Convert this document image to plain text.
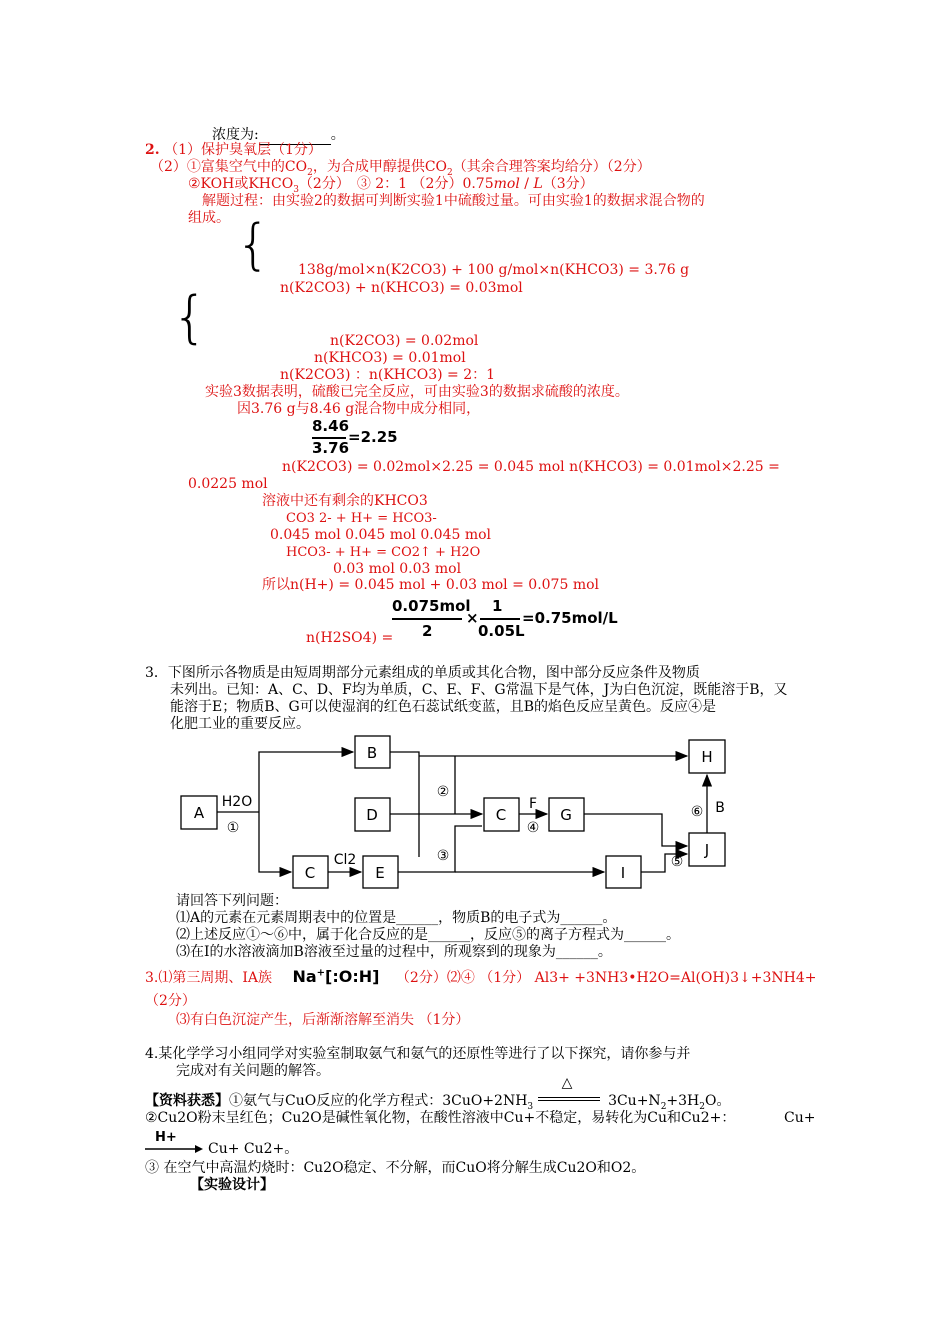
浓度为:	。
2. （1）保护臭氧层（1分）
（2）①富集空气中的$CO_2$，为合成甲醇提供$CO_2$（其余合理答案均给分）（2分）
②KOH或$KHCO_3(2$分）　③ 2：1 （2分）0.75mol / L（3分）
解题过程：由实验2的数据可判断实验1中硫酸过量。可由实验1的数据求混合物的
组成。 { 138g/mol×n(K2CO3) + 100 g/mol×n(KHCO3) = 3.76 g
n(K2CO3) + n(KHCO3) = 0.03mol
{	n(K2CO3) = 0.02mol
n(KHCO3) = 0.01mol
n(K2CO3) ：n(KHCO3) = 2：1
实验3数据表明，硫酸已完全反应，可由实验3的数据求硫酸的浓度。
因3.76 g与8.46 g混合物中成分相同，
8.46
3.76
=2.25
n(K2CO3) = 0.02mol×2.25 = 0.045 mol n(KHCO3) = 0.01mol×2.25 =
0.0225 mol
溶液中还有剩余的KHCO3
CO3 2- + H+ = HCO3-
0.045 mol 0.045 mol 0.045 mol
HCO3- + H+ = CO2↑ + H2O
0.03 mol 0.03 mol
所以n(H+) = 0.045 mol + 0.03 mol = 0.075 mol
n(H2SO4) =
0.075mol
2
×
1
0.05L
=0.75mol/L
3．下图所示各物质是由短周期部分元素组成的单质或其化合物，图中部分反应条件及物质
未列出。已知：A、C、D、F均为单质，C、E、F、G常温下是气体，J为白色沉淀，既能溶于B，又
能溶于E；物质B、G可以使湿润的红色石蕊试纸变蓝，且B的焰色反应呈黄色。反应④是
化肥工业的重要反应。
A
B
D
C	E
C	G
I
H
J
H2O
①
Cl2
②
③
F
④
⑤
⑥ B
请回答下列问题：
⑴A的元素在元素周期表中的位置是______，物质B的电子式为______。
⑵上述反应①～⑥中，属于化合反应的是______，反应⑤的离子方程式为______。
⑶在I的水溶液滴加B溶液至过量的过程中，所观察到的现象为______。
3.⑴第三周期、ⅠA族 Na+[:O:H] （2分）⑵④ （1分） Al3+ +3NH3•H2O=Al(OH)3↓+3NH4+
（2分）
⑶有白色沉淀产生，后渐渐溶解至消失 （1分）
4.某化学学习小组同学对实验室制取氨气和氨气的还原性等进行了以下探究，请你参与并
完成对有关问题的解答。
【资料获悉】①氨气与CuO反应的化学方程式：$3CuO+2NH_3$
△
$3Cu+N_2+3H_2O$。
②Cu2O粉末呈红色；Cu2O是碱性氧化物，在酸性溶液中Cu+不稳定，易转化为Cu和Cu2+：	Cu+
H+
Cu+ Cu2+。
③ 在空气中高温灼烧时：Cu2O稳定、不分解，而CuO将分解生成Cu2O和O2。
【实验设计】
